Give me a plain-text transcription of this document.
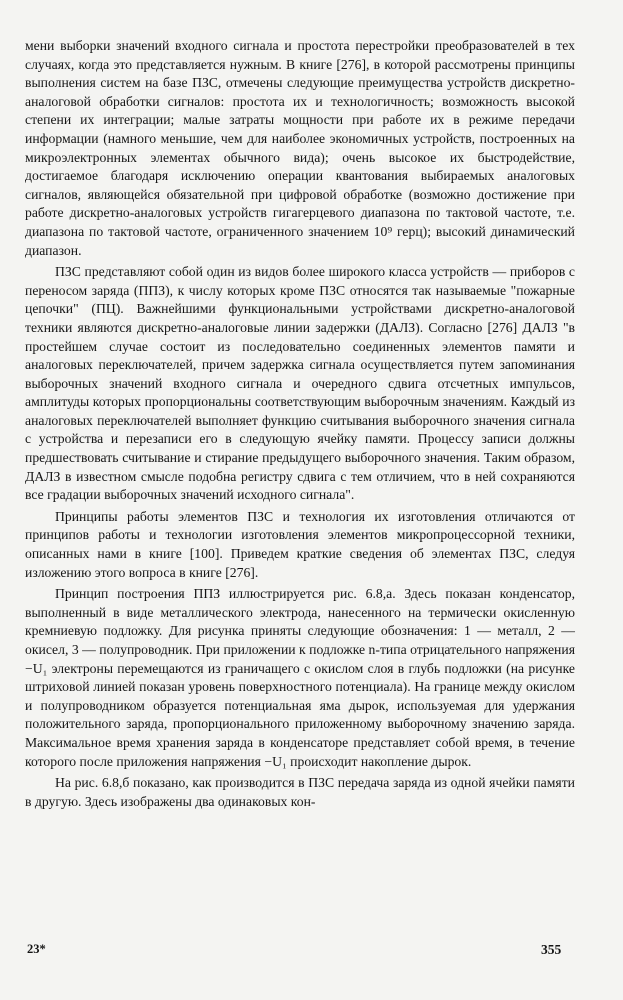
мени выборки значений входного сигнала и простота перестройки преобразователей в тех случаях, когда это представляется нужным. В книге [276], в которой рассмотрены принципы выполнения систем на базе ПЗС, отмечены следующие преимущества устройств дискретно-аналоговой обработки сигналов: простота их и технологичность; возможность высокой степени их интеграции; малые затраты мощности при работе их в режиме передачи информации (намного меньшие, чем для наиболее экономичных устройств, построенных на микроэлектронных элементах обычного вида); очень высокое их быстродействие, достигаемое благодаря исключению операции квантования выбираемых аналоговых сигналов, являющейся обязательной при цифровой обработке (возможно достижение при работе дискретно-аналоговых устройств гигагерцевого диапазона по тактовой частоте, т.е. диапазона по тактовой частоте, ограниченного значением 10⁹ герц); высокий динамический диапазон.

ПЗС представляют собой один из видов более широкого класса устройств — приборов с переносом заряда (ППЗ), к числу которых кроме ПЗС относятся так называемые "пожарные цепочки" (ПЦ). Важнейшими функциональными устройствами дискретно-аналоговой техники являются дискретно-аналоговые линии задержки (ДАЛЗ). Согласно [276] ДАЛЗ "в простейшем случае состоит из последовательно соединенных элементов памяти и аналоговых переключателей, причем задержка сигнала осуществляется путем запоминания выборочных значений входного сигнала и очередного сдвига отсчетных импульсов, амплитуды которых пропорциональны соответствующим выборочным значениям. Каждый из аналоговых переключателей выполняет функцию считывания выборочного значения сигнала с устройства и перезаписи его в следующую ячейку памяти. Процессу записи должны предшествовать считывание и стирание предыдущего выборочного значения. Таким образом, ДАЛЗ в известном смысле подобна регистру сдвига с тем отличием, что в ней сохраняются все градации выборочных значений исходного сигнала".

Принципы работы элементов ПЗС и технология их изготовления отличаются от принципов работы и технологии изготовления элементов микропроцессорной техники, описанных нами в книге [100]. Приведем краткие сведения об элементах ПЗС, следуя изложению этого вопроса в книге [276].

Принцип построения ППЗ иллюстрируется рис. 6.8,а. Здесь показан конденсатор, выполненный в виде металлического электрода, нанесенного на термически окисленную кремниевую подложку. Для рисунка приняты следующие обозначения: 1 — металл, 2 — окисел, 3 — полупроводник. При приложении к подложке n-типа отрицательного напряжения −U₁ электроны перемещаются из граничащего с окислом слоя в глубь подложки (на рисунке штриховой линией показан уровень поверхностного потенциала). На границе между окислом и полупроводником образуется потенциальная яма дырок, используемая для удержания положительного заряда, пропорционального приложенному выборочному значению заряда. Максимальное время хранения заряда в конденсаторе представляет собой время, в течение которого после приложения напряжения −U₁ происходит накопление дырок.

На рис. 6.8,б показано, как производится в ПЗС передача заряда из одной ячейки памяти в другую. Здесь изображены два одинаковых кон-

23*	355
